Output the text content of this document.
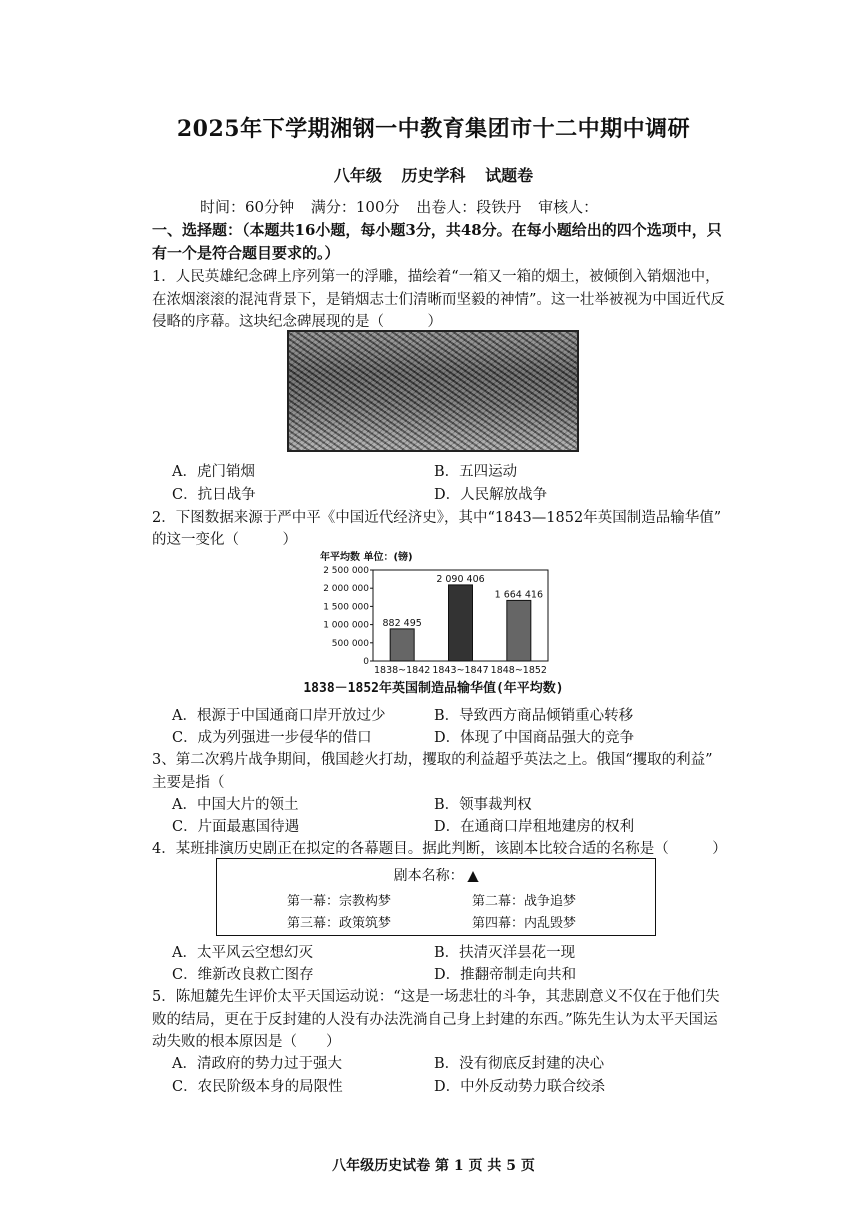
2025年下学期湘钢一中教育集团市十二中期中调研
八年级 历史学科 试题卷
时间：60分钟 满分：100分 出卷人：段铁丹 审核人：
一、选择题：（本题共16小题，每小题3分，共48分。在每小题给出的四个选项中，只
有一个是符合题目要求的。）
1．人民英雄纪念碑上序列第一的浮雕，描绘着“一箱又一箱的烟土，被倾倒入销烟池中，
在浓烟滚滚的混沌背景下，是销烟志士们清晰而坚毅的神情”。这一壮举被视为中国近代反
侵略的序幕。这块纪念碑展现的是（　　　）
A．虎门销烟	B．五四运动
C．抗日战争	D．人民解放战争
2．下图数据来源于严中平《中国近代经济史》，其中“1843—1852年英国制造品输华值”
的这一变化（　　　）
年平均数 单位：(镑)
0
500 000
1 000 000
1 500 000
2 000 000
2 500 000
882 495
1838~1842
2 090 406
1843~1847
1 664 416
1848~1852
1838－1852年英国制造品输华值(年平均数)
A．根源于中国通商口岸开放过少	B．导致西方商品倾销重心转移
C．成为列强进一步侵华的借口	D．体现了中国商品强大的竞争
3、第二次鸦片战争期间，俄国趁火打劫，攫取的利益超乎英法之上。俄国“攫取的利益”
主要是指（
A．中国大片的领土	B．领事裁判权
C．片面最惠国待遇	D．在通商口岸租地建房的权利
4．某班排演历史剧正在拟定的各幕题目。据此判断，该剧本比较合适的名称是（　　　）
剧本名称： ▲
第一幕：宗教构梦	第二幕：战争追梦
第三幕：政策筑梦	第四幕：内乱毁梦
A．太平风云空想幻灭	B．扶清灭洋昙花一现
C．维新改良救亡图存	D．推翻帝制走向共和
5．陈旭麓先生评价太平天国运动说：“这是一场悲壮的斗争，其悲剧意义不仅在于他们失
败的结局，更在于反封建的人没有办法洗淌自己身上封建的东西。”陈先生认为太平天国运
动失败的根本原因是（　　）
A．清政府的势力过于强大	B．没有彻底反封建的决心
C．农民阶级本身的局限性	D．中外反动势力联合绞杀
八年级历史试卷 第 1 页 共 5 页
